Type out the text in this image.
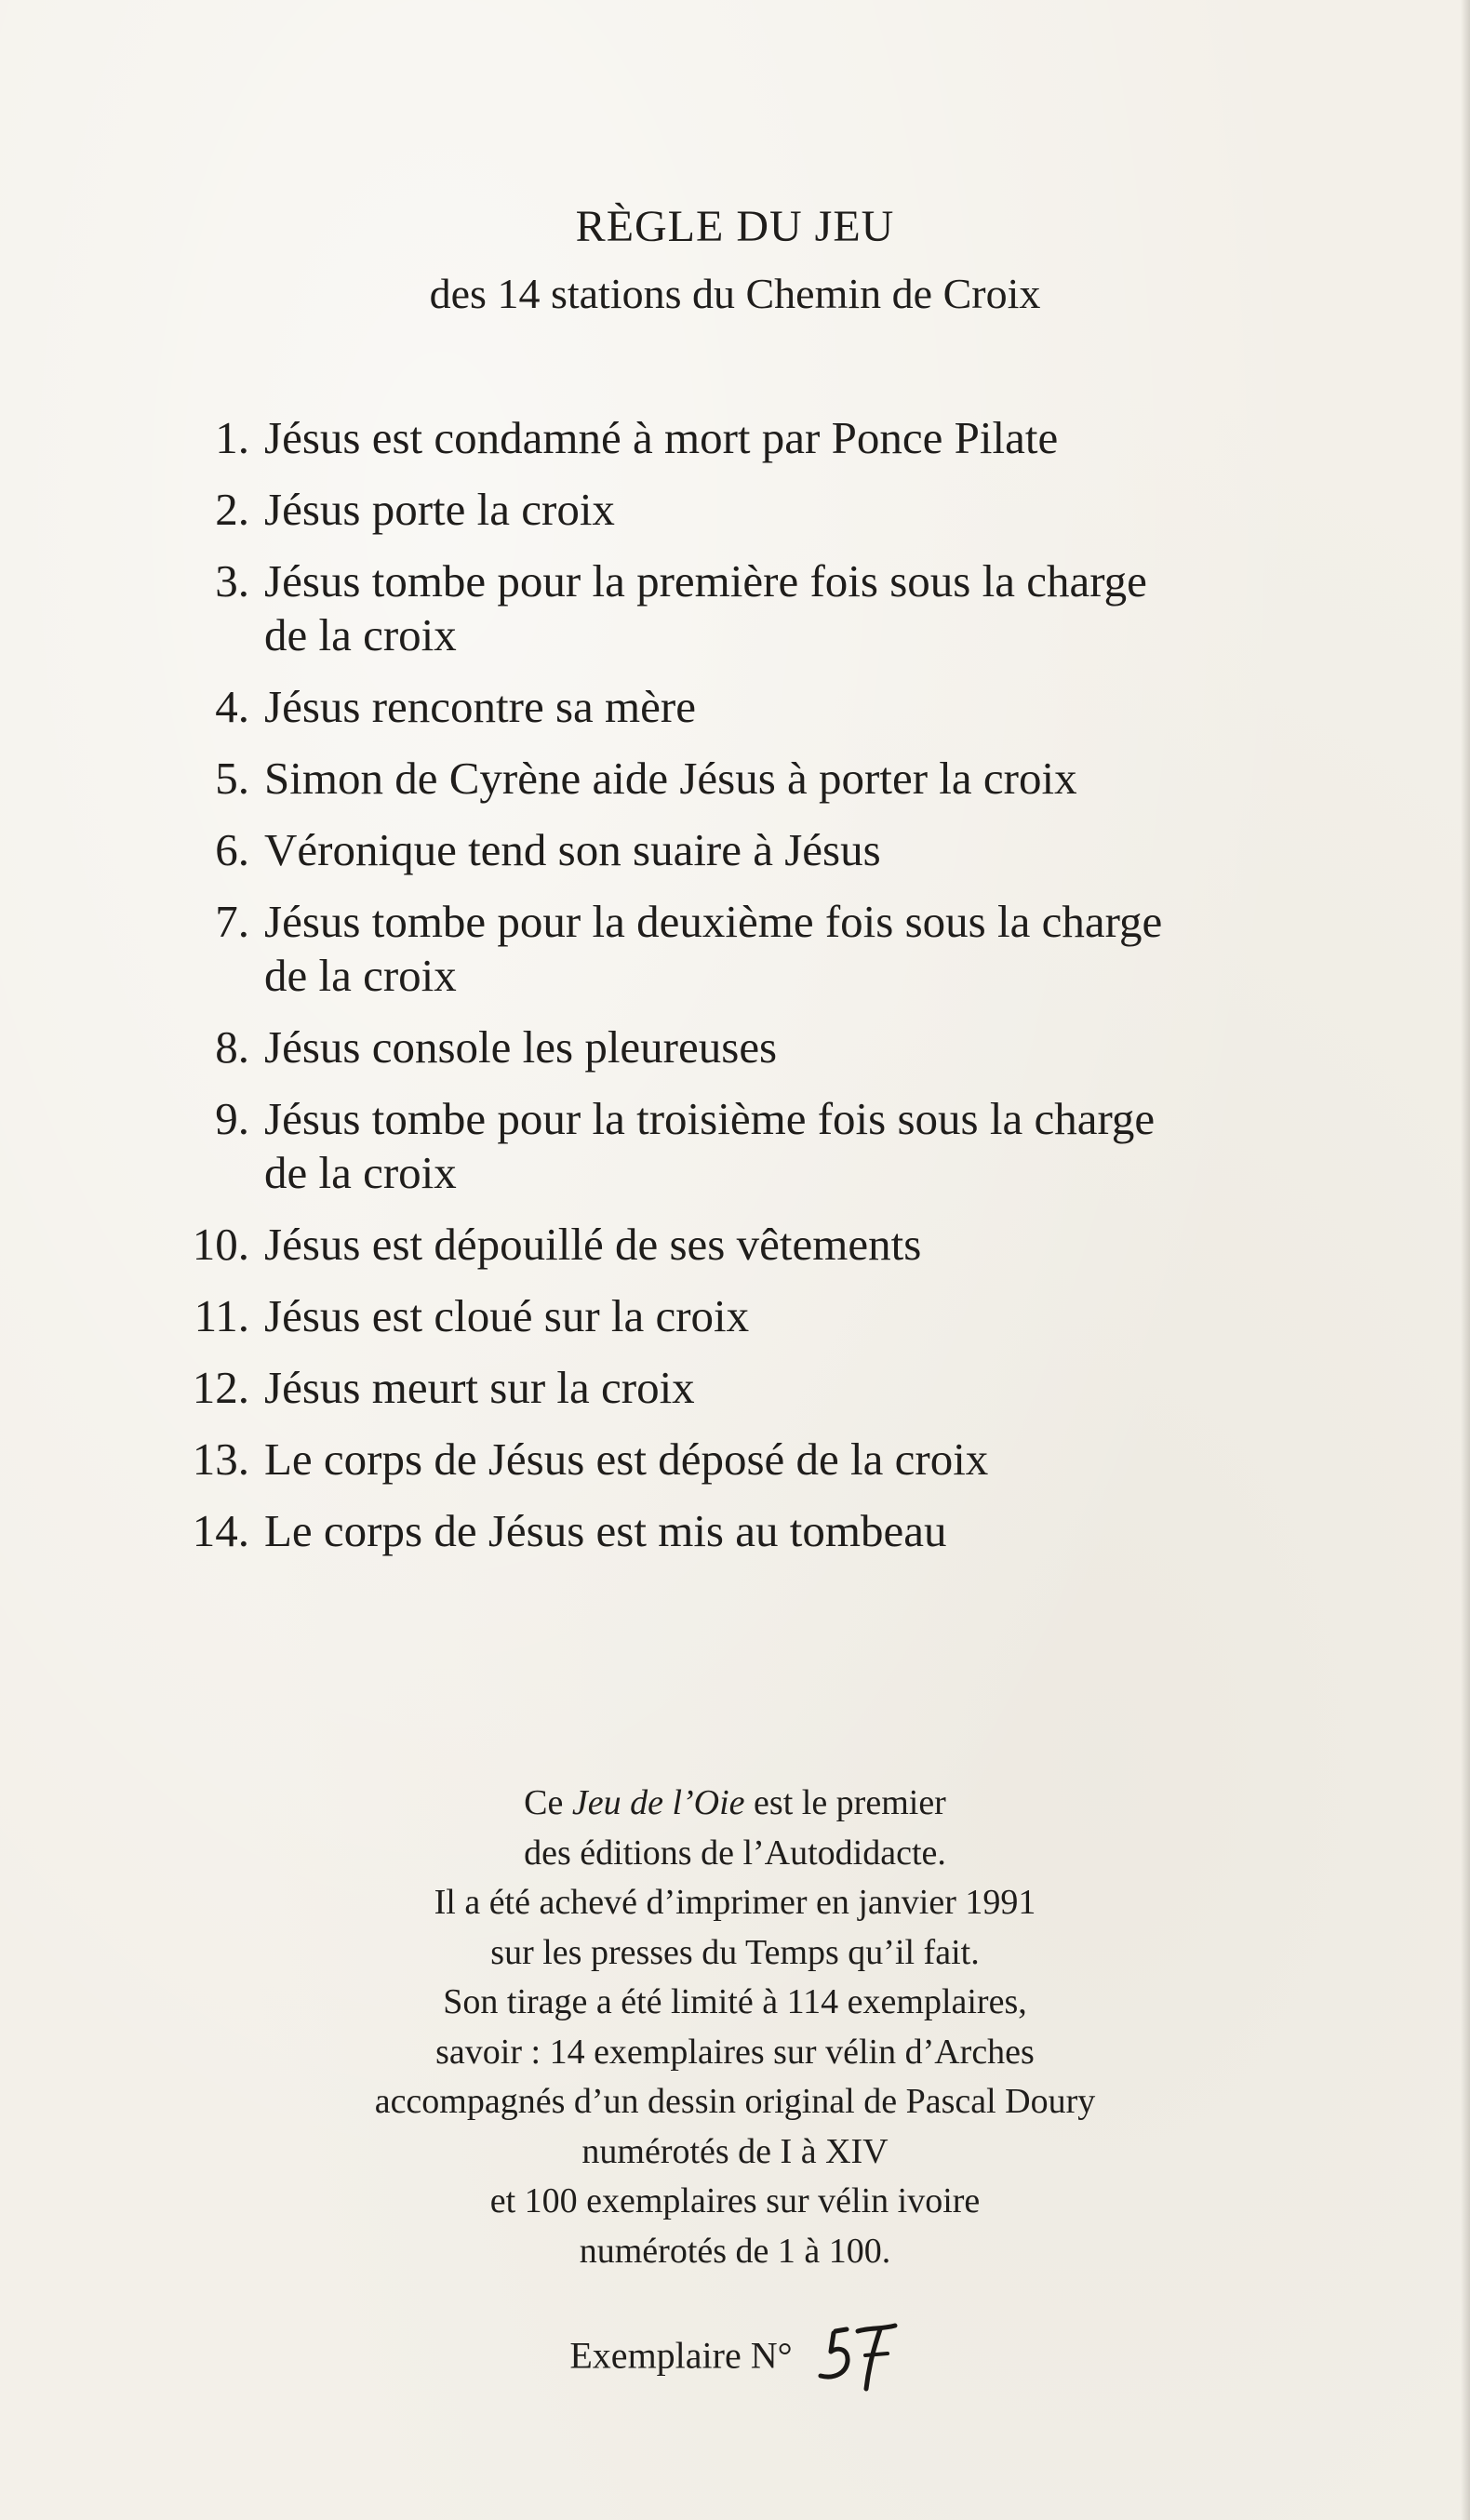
RÈGLE DU JEU
des 14 stations du Chemin de Croix
1. Jésus est condamné à mort par Ponce Pilate
2. Jésus porte la croix
3. Jésus tombe pour la première fois sous la charge
de la croix
4. Jésus rencontre sa mère
5. Simon de Cyrène aide Jésus à porter la croix
6. Véronique tend son suaire à Jésus
7. Jésus tombe pour la deuxième fois sous la charge
de la croix
8. Jésus console les pleureuses
9. Jésus tombe pour la troisième fois sous la charge
de la croix
10. Jésus est dépouillé de ses vêtements
11. Jésus est cloué sur la croix
12. Jésus meurt sur la croix
13. Le corps de Jésus est déposé de la croix
14. Le corps de Jésus est mis au tombeau
Ce Jeu de l’Oie est le premier
des éditions de l’Autodidacte.
Il a été achevé d’imprimer en janvier 1991
sur les presses du Temps qu’il fait.
Son tirage a été limité à 114 exemplaires,
savoir : 14 exemplaires sur vélin d’Arches
accompagnés d’un dessin original de Pascal Doury
numérotés de I à XIV
et 100 exemplaires sur vélin ivoire
numérotés de 1 à 100.
Exemplaire N°
